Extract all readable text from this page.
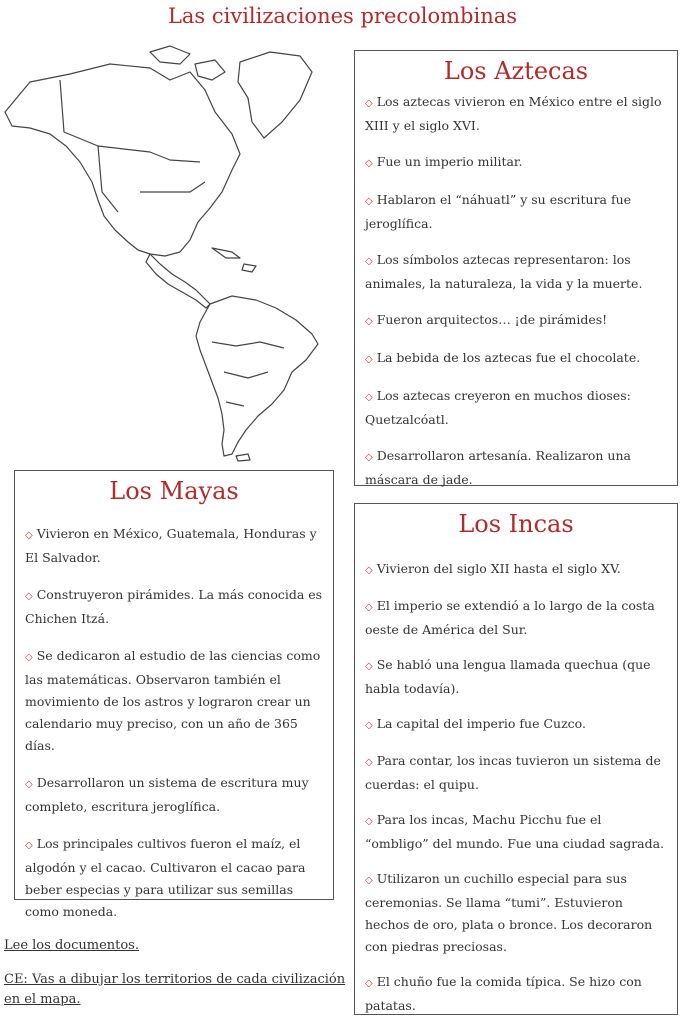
Las civilizaciones precolombinas
Los Aztecas
◇ Los aztecas vivieron en México entre el siglo XIII y el siglo XVI.
◇ Fue un imperio militar.
◇ Hablaron el “náhuatl” y su escritura fue jeroglífica.
◇ Los símbolos aztecas representaron: los animales, la naturaleza, la vida y la muerte.
◇ Fueron arquitectos… ¡de pirámides!
◇ La bebida de los aztecas fue el chocolate.
◇ Los aztecas creyeron en muchos dioses: Quetzalcóatl.
◇ Desarrollaron artesanía. Realizaron una máscara de jade.
Los Mayas
◇ Vivieron en México, Guatemala, Honduras y El Salvador.
◇ Construyeron pirámides. La más conocida es Chichen Itzá.
◇ Se dedicaron al estudio de las ciencias como las matemáticas. Observaron también el movimiento de los astros y lograron crear un calendario muy preciso, con un año de 365 días.
◇ Desarrollaron un sistema de escritura muy completo, escritura jeroglífica.
◇ Los principales cultivos fueron el maíz, el algodón y el cacao. Cultivaron el cacao para beber especias y para utilizar sus semillas como moneda.
Los Incas
◇ Vivieron del siglo XII hasta el siglo XV.
◇ El imperio se extendió a lo largo de la costa oeste de América del Sur.
◇ Se habló una lengua llamada quechua (que habla todavía).
◇ La capital del imperio fue Cuzco.
◇ Para contar, los incas tuvieron un sistema de cuerdas: el quipu.
◇ Para los incas, Machu Picchu fue el “ombligo” del mundo. Fue una ciudad sagrada.
◇ Utilizaron un cuchillo especial para sus ceremonias. Se llama “tumi”. Estuvieron hechos de oro, plata o bronce. Los decoraron con piedras preciosas.
◇ El chuño fue la comida típica. Se hizo con patatas.
Lee los documentos.
CE: Vas a dibujar los territorios de cada civilización en el mapa.
